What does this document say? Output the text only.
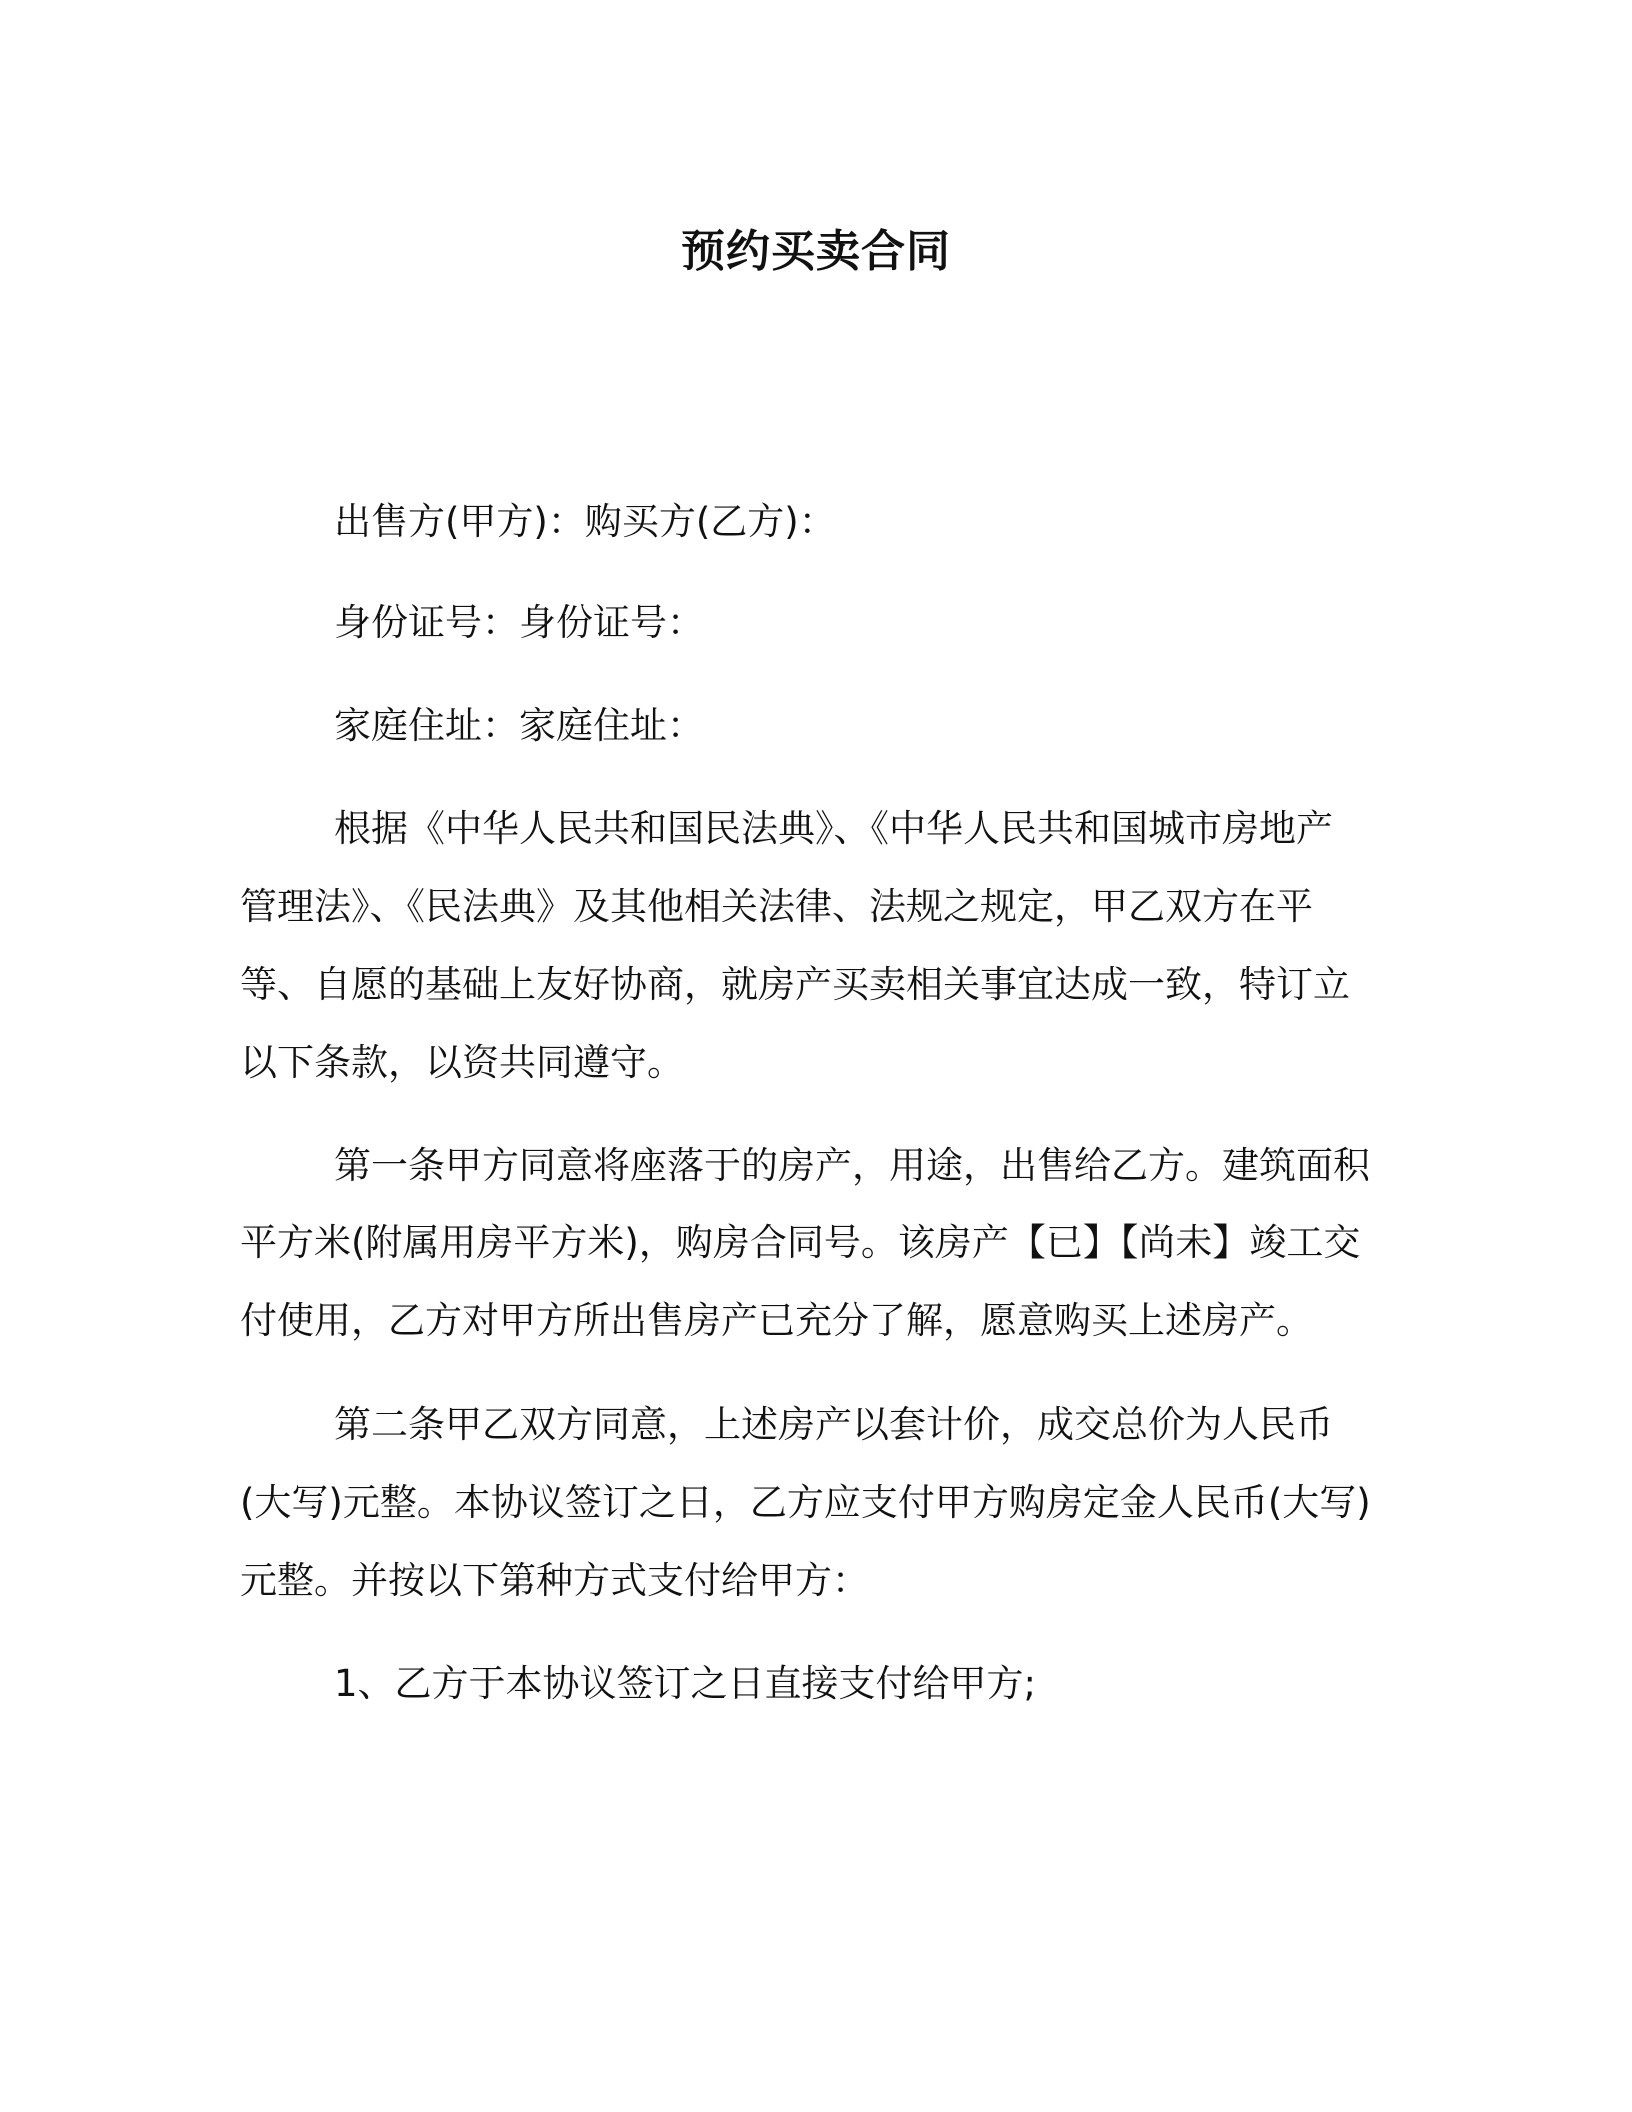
预约买卖合同
出售方(甲方)：购买方(乙方)：
身份证号：身份证号：
家庭住址：家庭住址：
根据《中华人民共和国民法典》、《中华人民共和国城市房地产
管理法》、《民法典》及其他相关法律、法规之规定，甲乙双方在平
等、自愿的基础上友好协商，就房产买卖相关事宜达成一致，特订立
以下条款，以资共同遵守。
第一条甲方同意将座落于的房产，用途，出售给乙方。建筑面积
平方米(附属用房平方米)，购房合同号。该房产【已】【尚未】竣工交
付使用，乙方对甲方所出售房产已充分了解，愿意购买上述房产。
第二条甲乙双方同意，上述房产以套计价，成交总价为人民币
(大写)元整。本协议签订之日，乙方应支付甲方购房定金人民币(大写)
元整。并按以下第种方式支付给甲方：
1、乙方于本协议签订之日直接支付给甲方;
